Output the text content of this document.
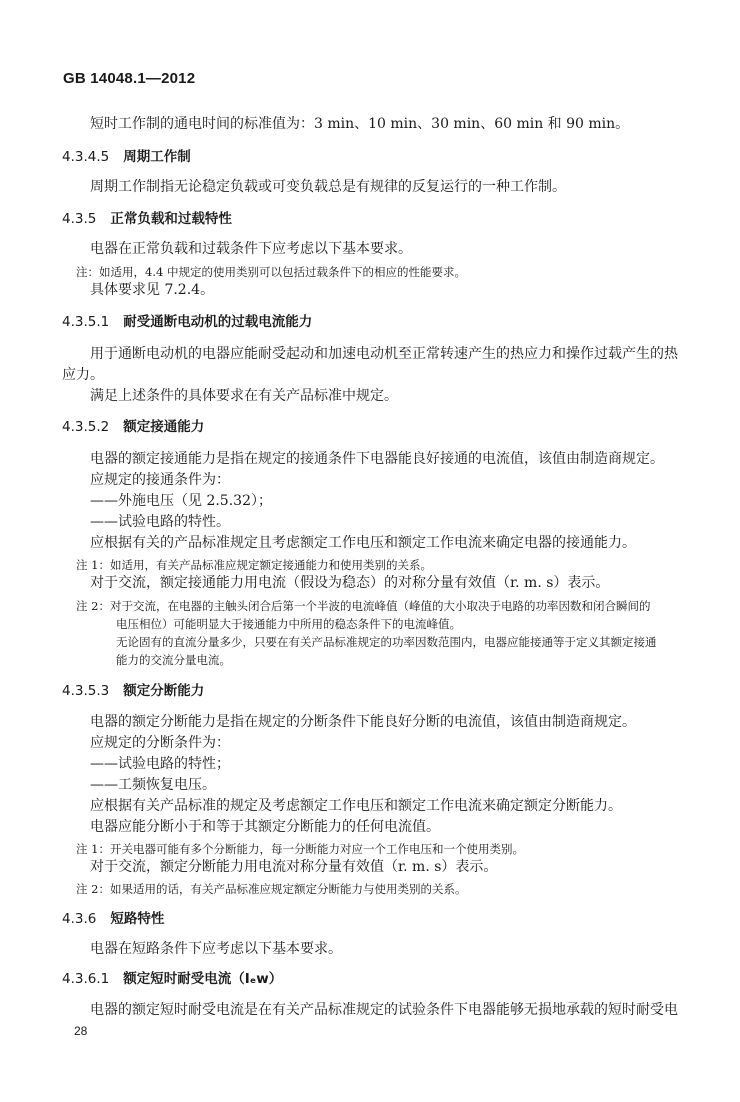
GB 14048.1—2012
短时工作制的通电时间的标准值为：3 min、10 min、30 min、60 min 和 90 min。
4.3.4.5 周期工作制
周期工作制指无论稳定负载或可变负载总是有规律的反复运行的一种工作制。
4.3.5 正常负载和过载特性
电器在正常负载和过载条件下应考虑以下基本要求。
注：如适用，4.4 中规定的使用类别可以包括过载条件下的相应的性能要求。
具体要求见 7.2.4。
4.3.5.1 耐受通断电动机的过载电流能力
用于通断电动机的电器应能耐受起动和加速电动机至正常转速产生的热应力和操作过载产生的热
应力。
满足上述条件的具体要求在有关产品标准中规定。
4.3.5.2 额定接通能力
电器的额定接通能力是指在规定的接通条件下电器能良好接通的电流值，该值由制造商规定。
应规定的接通条件为：
——外施电压（见 2.5.32）；
——试验电路的特性。
应根据有关的产品标准规定且考虑额定工作电压和额定工作电流来确定电器的接通能力。
注 1：如适用，有关产品标准应规定额定接通能力和使用类别的关系。
对于交流，额定接通能力用电流（假设为稳态）的对称分量有效值（r. m. s）表示。
注 2：对于交流，在电器的主触头闭合后第一个半波的电流峰值（峰值的大小取决于电路的功率因数和闭合瞬间的
电压相位）可能明显大于接通能力中所用的稳态条件下的电流峰值。
无论固有的直流分量多少，只要在有关产品标准规定的功率因数范围内，电器应能接通等于定义其额定接通
能力的交流分量电流。
4.3.5.3 额定分断能力
电器的额定分断能力是指在规定的分断条件下能良好分断的电流值，该值由制造商规定。
应规定的分断条件为：
——试验电路的特性；
——工频恢复电压。
应根据有关产品标准的规定及考虑额定工作电压和额定工作电流来确定额定分断能力。
电器应能分断小于和等于其额定分断能力的任何电流值。
注 1：开关电器可能有多个分断能力，每一分断能力对应一个工作电压和一个使用类别。
对于交流，额定分断能力用电流对称分量有效值（r. m. s）表示。
注 2：如果适用的话，有关产品标准应规定额定分断能力与使用类别的关系。
4.3.6 短路特性
电器在短路条件下应考虑以下基本要求。
4.3.6.1 额定短时耐受电流（Iₑw）
电器的额定短时耐受电流是在有关产品标准规定的试验条件下电器能够无损地承载的短时耐受电
28
